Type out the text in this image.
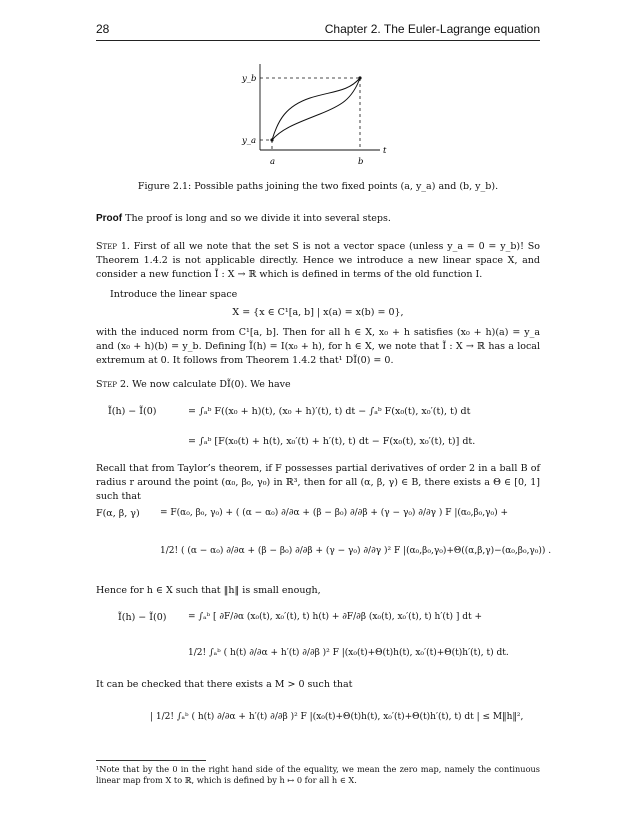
28	Chapter 2. The Euler-Lagrange equation
y_b
y_a
a	b
t
Figure 2.1: Possible paths joining the two fixed points (a, y_a) and (b, y_b).
Proof The proof is long and so we divide it into several steps.
Step 1. First of all we note that the set S is not a vector space (unless y_a = 0 = y_b)! So Theorem 1.4.2 is not applicable directly. Hence we introduce a new linear space X, and consider a new function Ĩ : X → ℝ which is defined in terms of the old function I.
Introduce the linear space
X = {x ∈ C¹[a, b] | x(a) = x(b) = 0},
with the induced norm from C¹[a, b]. Then for all h ∈ X, x₀ + h satisfies (x₀ + h)(a) = y_a and (x₀ + h)(b) = y_b. Defining Ĩ(h) = I(x₀ + h), for h ∈ X, we note that Ĩ : X → ℝ has a local extremum at 0. It follows from Theorem 1.4.2 that¹ DĨ(0) = 0.
Step 2. We now calculate DĨ(0). We have
Ĩ(h) − Ĩ(0)	= ∫ₐᵇ F((x₀ + h)(t), (x₀ + h)′(t), t) dt − ∫ₐᵇ F(x₀(t), x₀′(t), t) dt
= ∫ₐᵇ [F(x₀(t) + h(t), x₀′(t) + h′(t), t) dt − F(x₀(t), x₀′(t), t)] dt.
Recall that from Taylor’s theorem, if F possesses partial derivatives of order 2 in a ball B of radius r around the point (α₀, β₀, γ₀) in ℝ³, then for all (α, β, γ) ∈ B, there exists a Θ ∈ [0, 1] such that
F(α, β, γ) = F(α₀, β₀, γ₀) + ( (α − α₀) ∂/∂α + (β − β₀) ∂/∂β + (γ − γ₀) ∂/∂γ ) F |(α₀,β₀,γ₀) +
1/2! ( (α − α₀) ∂/∂α + (β − β₀) ∂/∂β + (γ − γ₀) ∂/∂γ )² F |(α₀,β₀,γ₀)+Θ((α,β,γ)−(α₀,β₀,γ₀)) .
Hence for h ∈ X such that ‖h‖ is small enough,
Ĩ(h) − Ĩ(0) = ∫ₐᵇ [ ∂F/∂α (x₀(t), x₀′(t), t) h(t) + ∂F/∂β (x₀(t), x₀′(t), t) h′(t) ] dt +
1/2! ∫ₐᵇ ( h(t) ∂/∂α + h′(t) ∂/∂β )² F |(x₀(t)+Θ(t)h(t), x₀′(t)+Θ(t)h′(t), t) dt.
It can be checked that there exists a M > 0 such that
| 1/2! ∫ₐᵇ ( h(t) ∂/∂α + h′(t) ∂/∂β )² F |(x₀(t)+Θ(t)h(t), x₀′(t)+Θ(t)h′(t), t) dt | ≤ M‖h‖²,
¹Note that by the 0 in the right hand side of the equality, we mean the zero map, namely the continuous linear map from X to ℝ, which is defined by h ↦ 0 for all h ∈ X.
